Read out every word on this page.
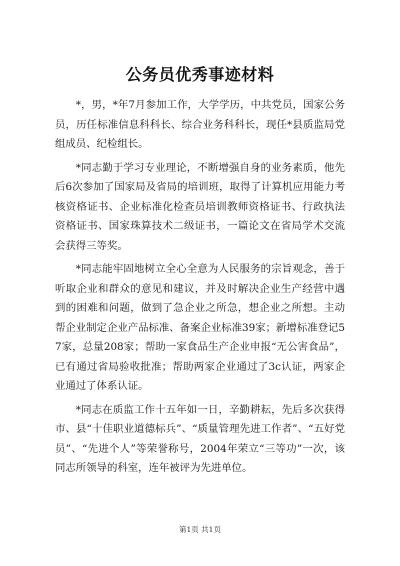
公务员优秀事迹材料

*，男，*年7月参加工作，大学学历，中共党员，国家公务员，历任标准信息科科长、综合业务科科长，现任*县质监局党组成员、纪检组长。

*同志勤于学习专业理论，不断增强自身的业务素质，他先后6次参加了国家局及省局的培训班，取得了计算机应用能力考核资格证书、企业标准化检查员培训教师资格证书、行政执法资格证书、国家珠算技术二级证书，一篇论文在省局学术交流会获得三等奖。

*同志能牢固地树立全心全意为人民服务的宗旨观念，善于听取企业和群众的意见和建议，并及时解决企业生产经营中遇到的困难和问题，做到了急企业之所急，想企业之所想。主动帮企业制定企业产品标准、备案企业标准39家；新增标准登记57家，总量208家；帮助一家食品生产企业申报“无公害食品”，已有通过省局验收批准；帮助两家企业通过了3c认证，两家企业通过了体系认证。

*同志在质监工作十五年如一日，辛勤耕耘，先后多次获得市、县“十佳职业道德标兵”、“质量管理先进工作者”、“五好党员”、“先进个人”等荣誉称号，2004年荣立“三等功”一次，该同志所领导的科室，连年被评为先进单位。

第1页 共1页
